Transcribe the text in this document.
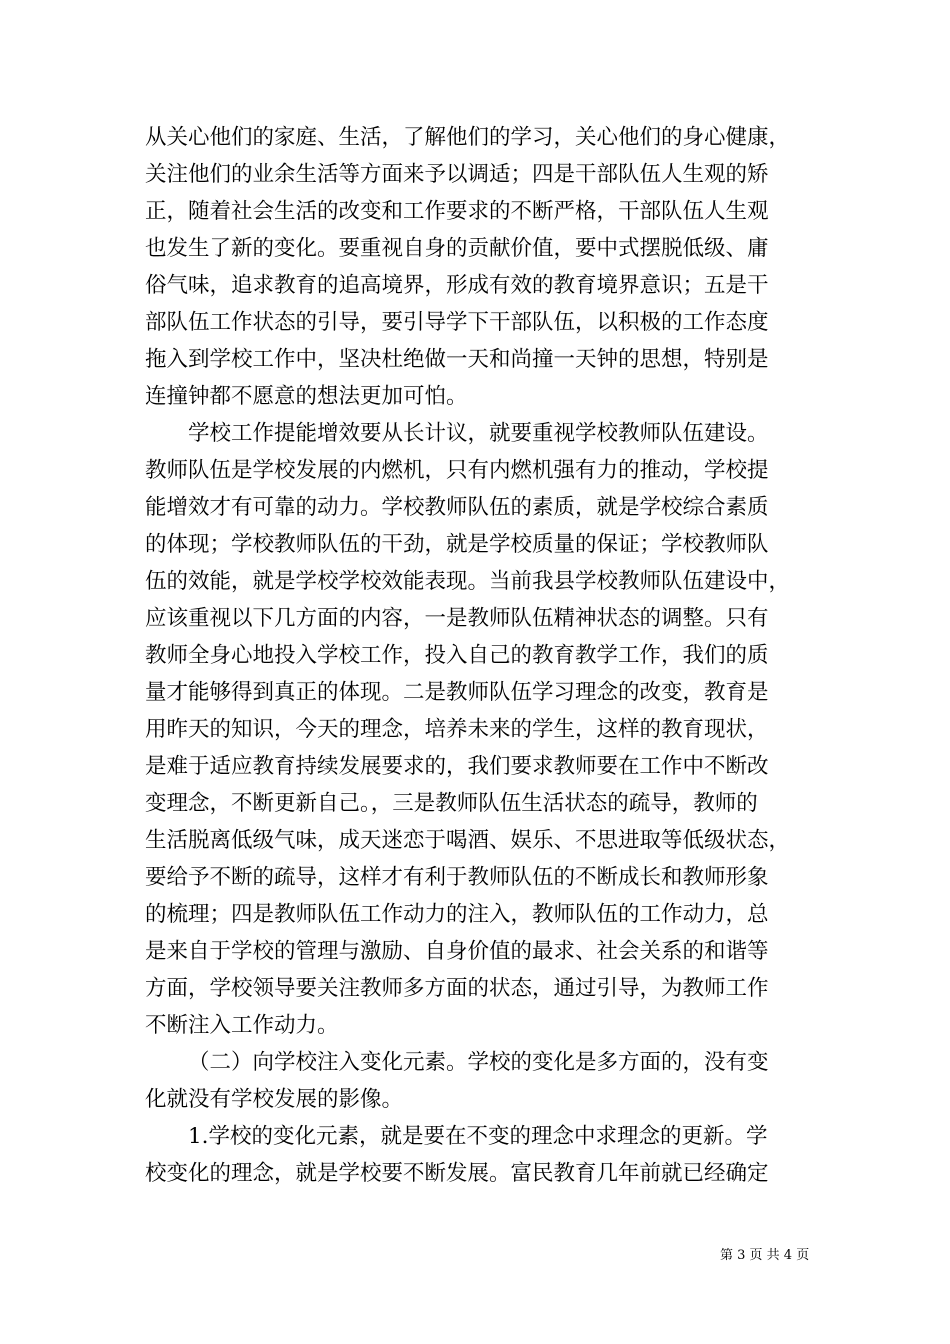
从关心他们的家庭、生活，了解他们的学习，关心他们的身心健康，
关注他们的业余生活等方面来予以调适；四是干部队伍人生观的矫
正，随着社会生活的改变和工作要求的不断严格，干部队伍人生观
也发生了新的变化。要重视自身的贡献价值，要中式摆脱低级、庸
俗气味，追求教育的追高境界，形成有效的教育境界意识；五是干
部队伍工作状态的引导，要引导学下干部队伍，以积极的工作态度
拖入到学校工作中，坚决杜绝做一天和尚撞一天钟的思想，特别是
连撞钟都不愿意的想法更加可怕。
学校工作提能增效要从长计议，就要重视学校教师队伍建设。
教师队伍是学校发展的内燃机，只有内燃机强有力的推动，学校提
能增效才有可靠的动力。学校教师队伍的素质，就是学校综合素质
的体现；学校教师队伍的干劲，就是学校质量的保证；学校教师队
伍的效能，就是学校学校效能表现。当前我县学校教师队伍建设中，
应该重视以下几方面的内容，一是教师队伍精神状态的调整。只有
教师全身心地投入学校工作，投入自己的教育教学工作，我们的质
量才能够得到真正的体现。二是教师队伍学习理念的改变，教育是
用昨天的知识，今天的理念，培养未来的学生，这样的教育现状，
是难于适应教育持续发展要求的，我们要求教师要在工作中不断改
变理念，不断更新自己。，三是教师队伍生活状态的疏导，教师的
生活脱离低级气味，成天迷恋于喝酒、娱乐、不思进取等低级状态，
要给予不断的疏导，这样才有利于教师队伍的不断成长和教师形象
的梳理；四是教师队伍工作动力的注入，教师队伍的工作动力，总
是来自于学校的管理与激励、自身价值的最求、社会关系的和谐等
方面，学校领导要关注教师多方面的状态，通过引导，为教师工作
不断注入工作动力。
（二）向学校注入变化元素。学校的变化是多方面的，没有变
化就没有学校发展的影像。
1.学校的变化元素，就是要在不变的理念中求理念的更新。学
校变化的理念，就是学校要不断发展。富民教育几年前就已经确定
第 3 页 共 4 页
